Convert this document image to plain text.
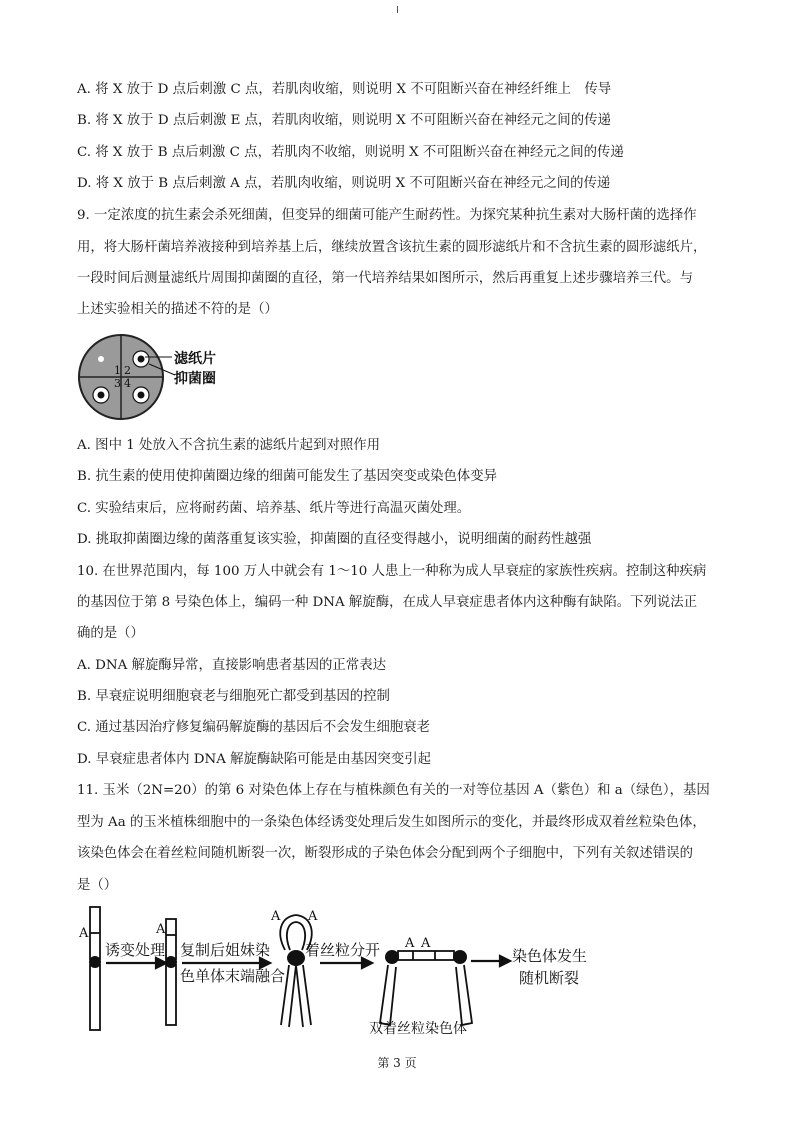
A. 将 X 放于 D 点后刺激 C 点，若肌肉收缩，则说明 X 不可阻断兴奋在神经纤维上　传导
B. 将 X 放于 D 点后刺激 E 点，若肌肉收缩，则说明 X 不可阻断兴奋在神经元之间的传递
C. 将 X 放于 B 点后刺激 C 点，若肌肉不收缩，则说明 X 不可阻断兴奋在神经元之间的传递
D. 将 X 放于 B 点后刺激 A 点，若肌肉收缩，则说明 X 不可阻断兴奋在神经元之间的传递
9. 一定浓度的抗生素会杀死细菌，但变异的细菌可能产生耐药性。为探究某种抗生素对大肠杆菌的选择作
用，将大肠杆菌培养液接种到培养基上后，继续放置含该抗生素的圆形滤纸片和不含抗生素的圆形滤纸片，
一段时间后测量滤纸片周围抑菌圈的直径，第一代培养结果如图所示，然后再重复上述步骤培养三代。与
上述实验相关的描述不符的是（）
1 2
3 4
滤纸片
抑菌圈
A. 图中 1 处放入不含抗生素的滤纸片起到对照作用
B. 抗生素的使用使抑菌圈边缘的细菌可能发生了基因突变或染色体变异
C. 实验结束后，应将耐药菌、培养基、纸片等进行高温灭菌处理。
D. 挑取抑菌圈边缘的菌落重复该实验，抑菌圈的直径变得越小，说明细菌的耐药性越强
10. 在世界范围内，每 100 万人中就会有 1～10 人患上一种称为成人早衰症的家族性疾病。控制这种疾病
的基因位于第 8 号染色体上，编码一种 DNA 解旋酶，在成人早衰症患者体内这种酶有缺陷。下列说法正
确的是（）
A. DNA 解旋酶异常，直接影响患者基因的正常表达
B. 早衰症说明细胞衰老与细胞死亡都受到基因的控制
C. 通过基因治疗修复编码解旋酶的基因后不会发生细胞衰老
D. 早衰症患者体内 DNA 解旋酶缺陷可能是由基因突变引起
11. 玉米（2N=20）的第 6 对染色体上存在与植株颜色有关的一对等位基因 A（紫色）和 a（绿色），基因
型为 Aa 的玉米植株细胞中的一条染色体经诱变处理后发生如图所示的变化，并最终形成双着丝粒染色体，
该染色体会在着丝粒间随机断裂一次，断裂形成的子染色体会分配到两个子细胞中，下列有关叙述错误的
是（）
A	A
A A
A A
诱变处理 复制后姐妹染
色单体末端融合
着丝粒分开	染色体发生
随机断裂
双着丝粒染色体
第 3 页
